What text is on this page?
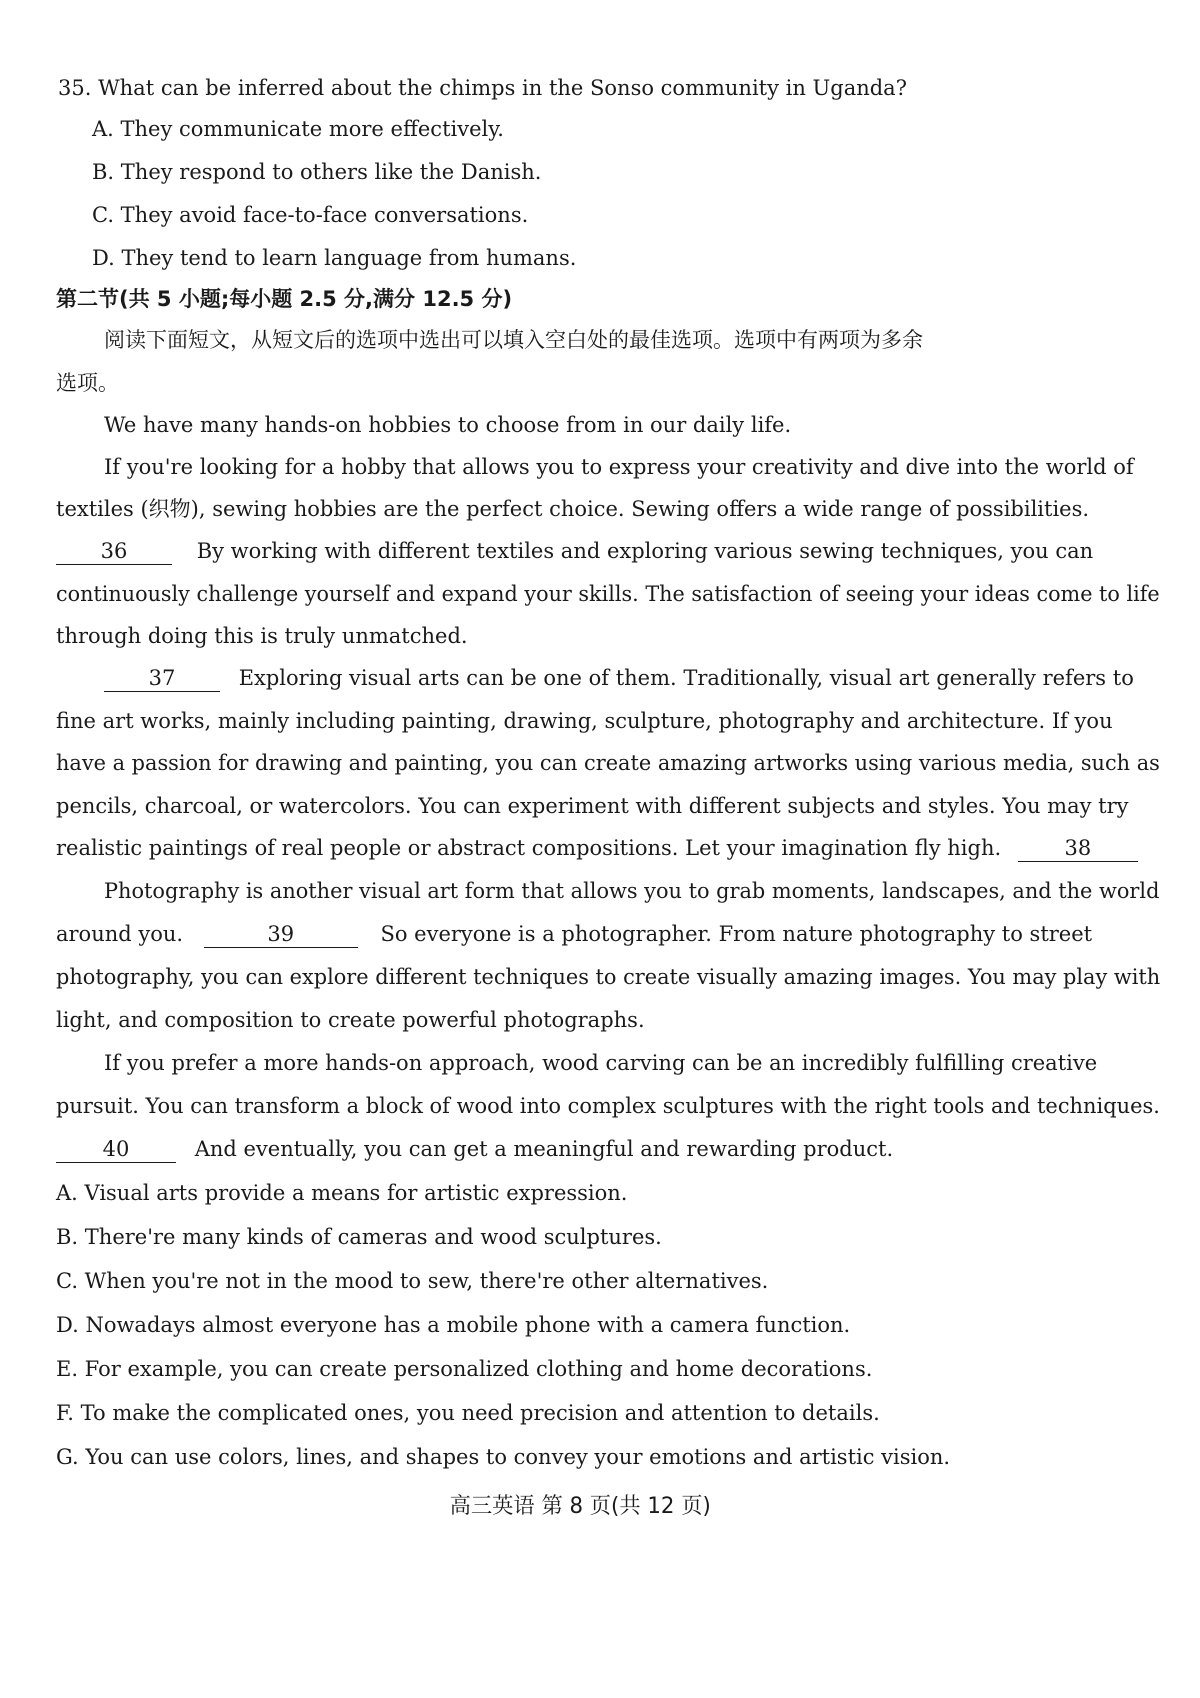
35. What can be inferred about the chimps in the Sonso community in Uganda?
A. They communicate more effectively.
B. They respond to others like the Danish.
C. They avoid face-to-face conversations.
D. They tend to learn language from humans.
第二节(共 5 小题;每小题 2.5 分,满分 12.5 分)
阅读下面短文，从短文后的选项中选出可以填入空白处的最佳选项。选项中有两项为多余
选项。
We have many hands-on hobbies to choose from in our daily life.
If you're looking for a hobby that allows you to express your creativity and dive into the world of
textiles (织物), sewing hobbies are the perfect choice. Sewing offers a wide range of possibilities.
36	By working with different textiles and exploring various sewing techniques, you can
continuously challenge yourself and expand your skills. The satisfaction of seeing your ideas come to life
through doing this is truly unmatched.
37	Exploring visual arts can be one of them. Traditionally, visual art generally refers to
fine art works, mainly including painting, drawing, sculpture, photography and architecture. If you
have a passion for drawing and painting, you can create amazing artworks using various media, such as
pencils, charcoal, or watercolors. You can experiment with different subjects and styles. You may try
realistic paintings of real people or abstract compositions. Let your imagination fly high.	38
Photography is another visual art form that allows you to grab moments, landscapes, and the world
around you.	39	So everyone is a photographer. From nature photography to street
photography, you can explore different techniques to create visually amazing images. You may play with
light, and composition to create powerful photographs.
If you prefer a more hands-on approach, wood carving can be an incredibly fulfilling creative
pursuit. You can transform a block of wood into complex sculptures with the right tools and techniques.
40	And eventually, you can get a meaningful and rewarding product.
A. Visual arts provide a means for artistic expression.
B. There're many kinds of cameras and wood sculptures.
C. When you're not in the mood to sew, there're other alternatives.
D. Nowadays almost everyone has a mobile phone with a camera function.
E. For example, you can create personalized clothing and home decorations.
F. To make the complicated ones, you need precision and attention to details.
G. You can use colors, lines, and shapes to convey your emotions and artistic vision.
高三英语 第 8 页(共 12 页)
